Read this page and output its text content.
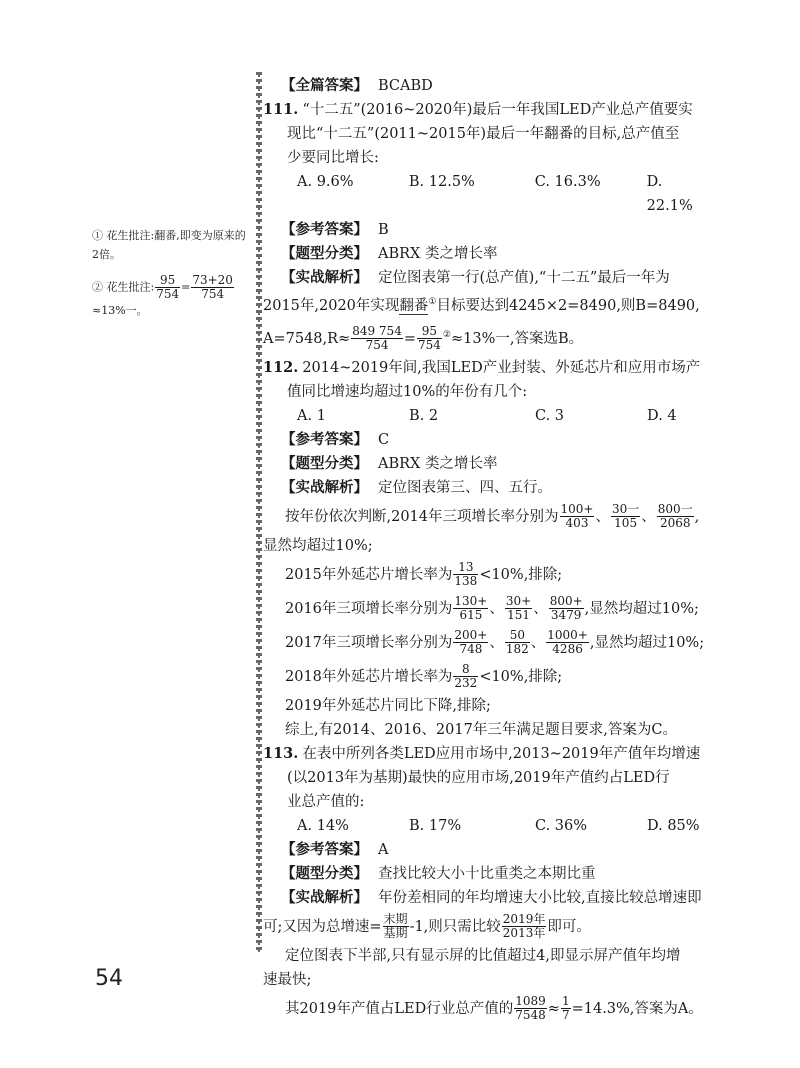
① 花生批注:翻番,即变为原来的2倍。
② 花生批注: $\frac{95}{754} = \frac{73+20}{754}$
≈13%一。
【全篇答案】 BCABD
111. “十二五”(2016~2020年)最后一年我国LED产业总产值要实
现比“十二五”(2011~2015年)最后一年翻番的目标,总产值至
少要同比增长:
A. 9.6%	B. 12.5%	C. 16.3%	D. 22.1%
【参考答案】 B
【题型分类】 ABRX 类之增长率
【实战解析】 定位图表第一行(总产值),“十二五”最后一年为
2015年,2020年实现翻番①目标要达到4245×2=8490,则B=8490,
$A=7548,R\approx \frac{849 754}{754} = \frac{95}{754} ^②\approx 13\%$一,答案选B。
112. 2014~2019年间,我国LED产业封装、外延芯片和应用市场产
值同比增速均超过10%的年份有几个:
A. 1	B. 2	C. 3	D. 4
【参考答案】 C
【题型分类】 ABRX 类之增长率
【实战解析】 定位图表第三、四、五行。
按年份依次判断,2014年三项增长率分别为 $\frac{100+}{403}$ 、 $\frac{\text{30一}}{105}$ 、 $\frac{\text{800一}}{2068}$ ,
显然均超过10%;
2015年外延芯片增长率为 $\frac{13}{138} <10\%$,排除;
2016年三项增长率分别为 $\frac{130+}{615}$ 、 $\frac{30+}{151}$ 、 $\frac{800+}{3479}$ ,显然均超过10%;
2017年三项增长率分别为 $\frac{200+}{748}$ 、 $\frac{50}{182}$ 、 $\frac{1000+}{4286}$ ,显然均超过10%;
2018年外延芯片增长率为 $\frac{8}{232} <10\%$,排除;
2019年外延芯片同比下降,排除;
综上,有2014、2016、2017年三年满足题目要求,答案为C。
113. 在表中所列各类LED应用市场中,2013~2019年产值年均增速
(以2013年为基期)最快的应用市场,2019年产值约占LED行
业总产值的:
A. 14%	B. 17%	C. 36%	D. 85%
【参考答案】 A
【题型分类】 查找比较大小十比重类之本期比重
【实战解析】 年份差相同的年均增速大小比较,直接比较总增速即
可;又因为总增速= $\frac{\text{末期}}{\text{基期}} -1$,则只需比较 $\frac{\text{2019年}}{\text{2013年}}$ 即可。
定位图表下半部,只有显示屏的比值超过4,即显示屏产值年均增
速最快;
其2019年产值占LED行业总产值的 $\frac{1089}{7548} \approx \frac{1}{7} =14.3\%$,答案为A。
54
